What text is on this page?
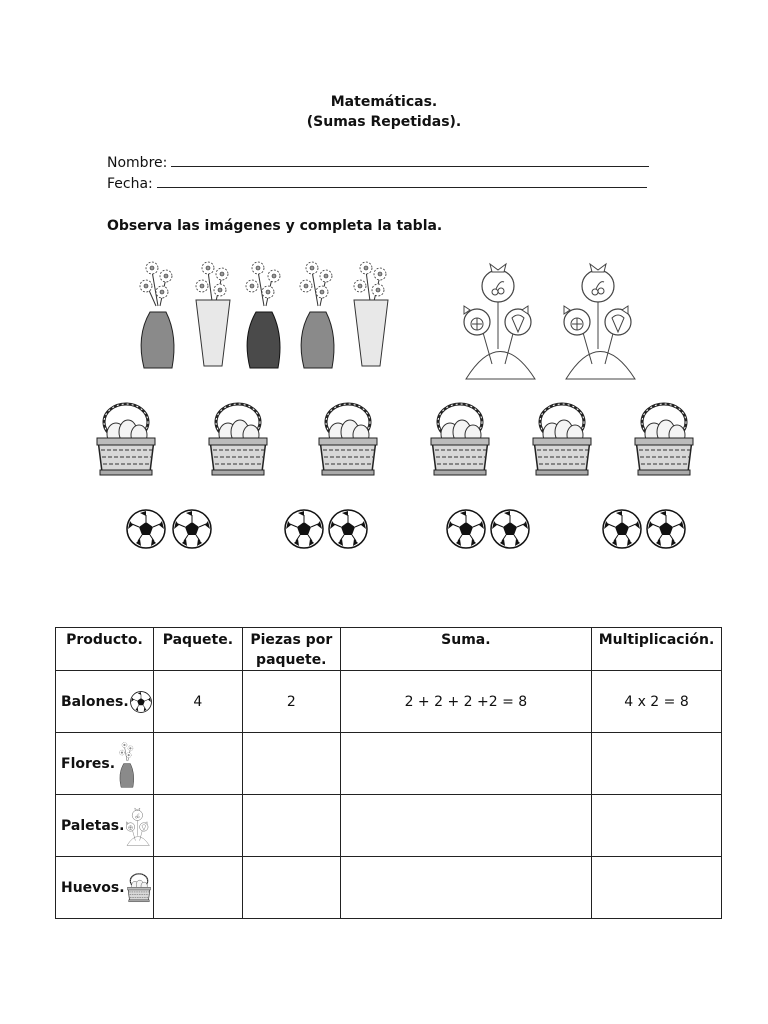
Matemáticas.
(Sumas Repetidas).
Nombre:
Fecha:
Observa las imágenes y completa la tabla.
Producto.	Paquete.	Piezas por paquete.	Suma.	Multiplicación.
Balones.	4	2	2 + 2 + 2 +2 = 8	4 x 2 = 8
Flores.				
Paletas.				
Huevos.				
